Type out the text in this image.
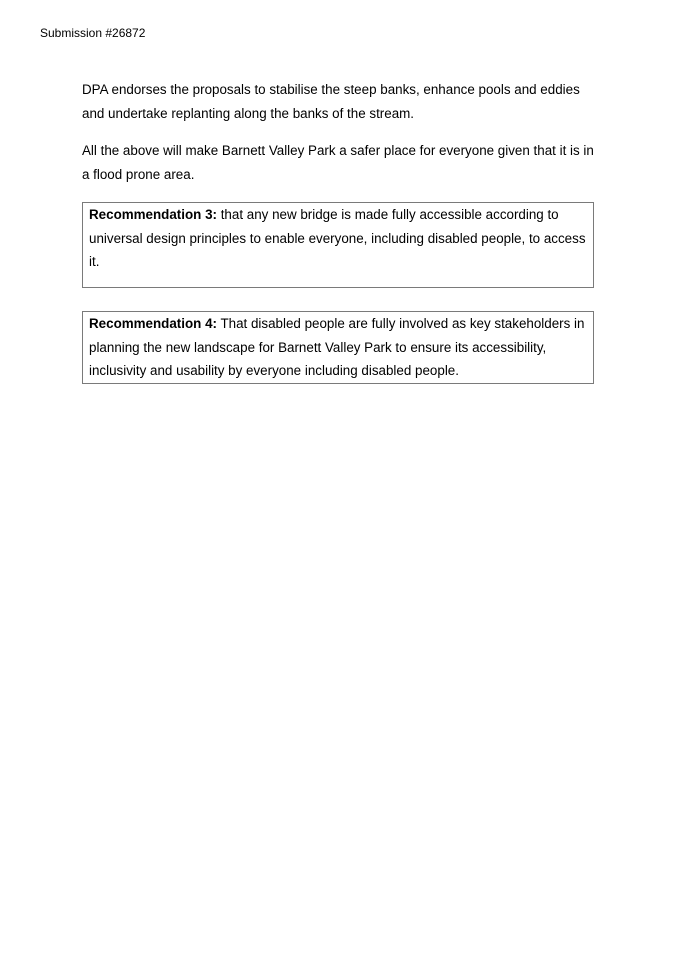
Submission #26872

DPA endorses the proposals to stabilise the steep banks, enhance pools and eddies and undertake replanting along the banks of the stream.

All the above will make Barnett Valley Park a safer place for everyone given that it is in a flood prone area.

Recommendation 3: that any new bridge is made fully accessible according to universal design principles to enable everyone, including disabled people, to access it.
Recommendation 4: That disabled people are fully involved as key stakeholders in planning the new landscape for Barnett Valley Park to ensure its accessibility, inclusivity and usability by everyone including disabled people.
